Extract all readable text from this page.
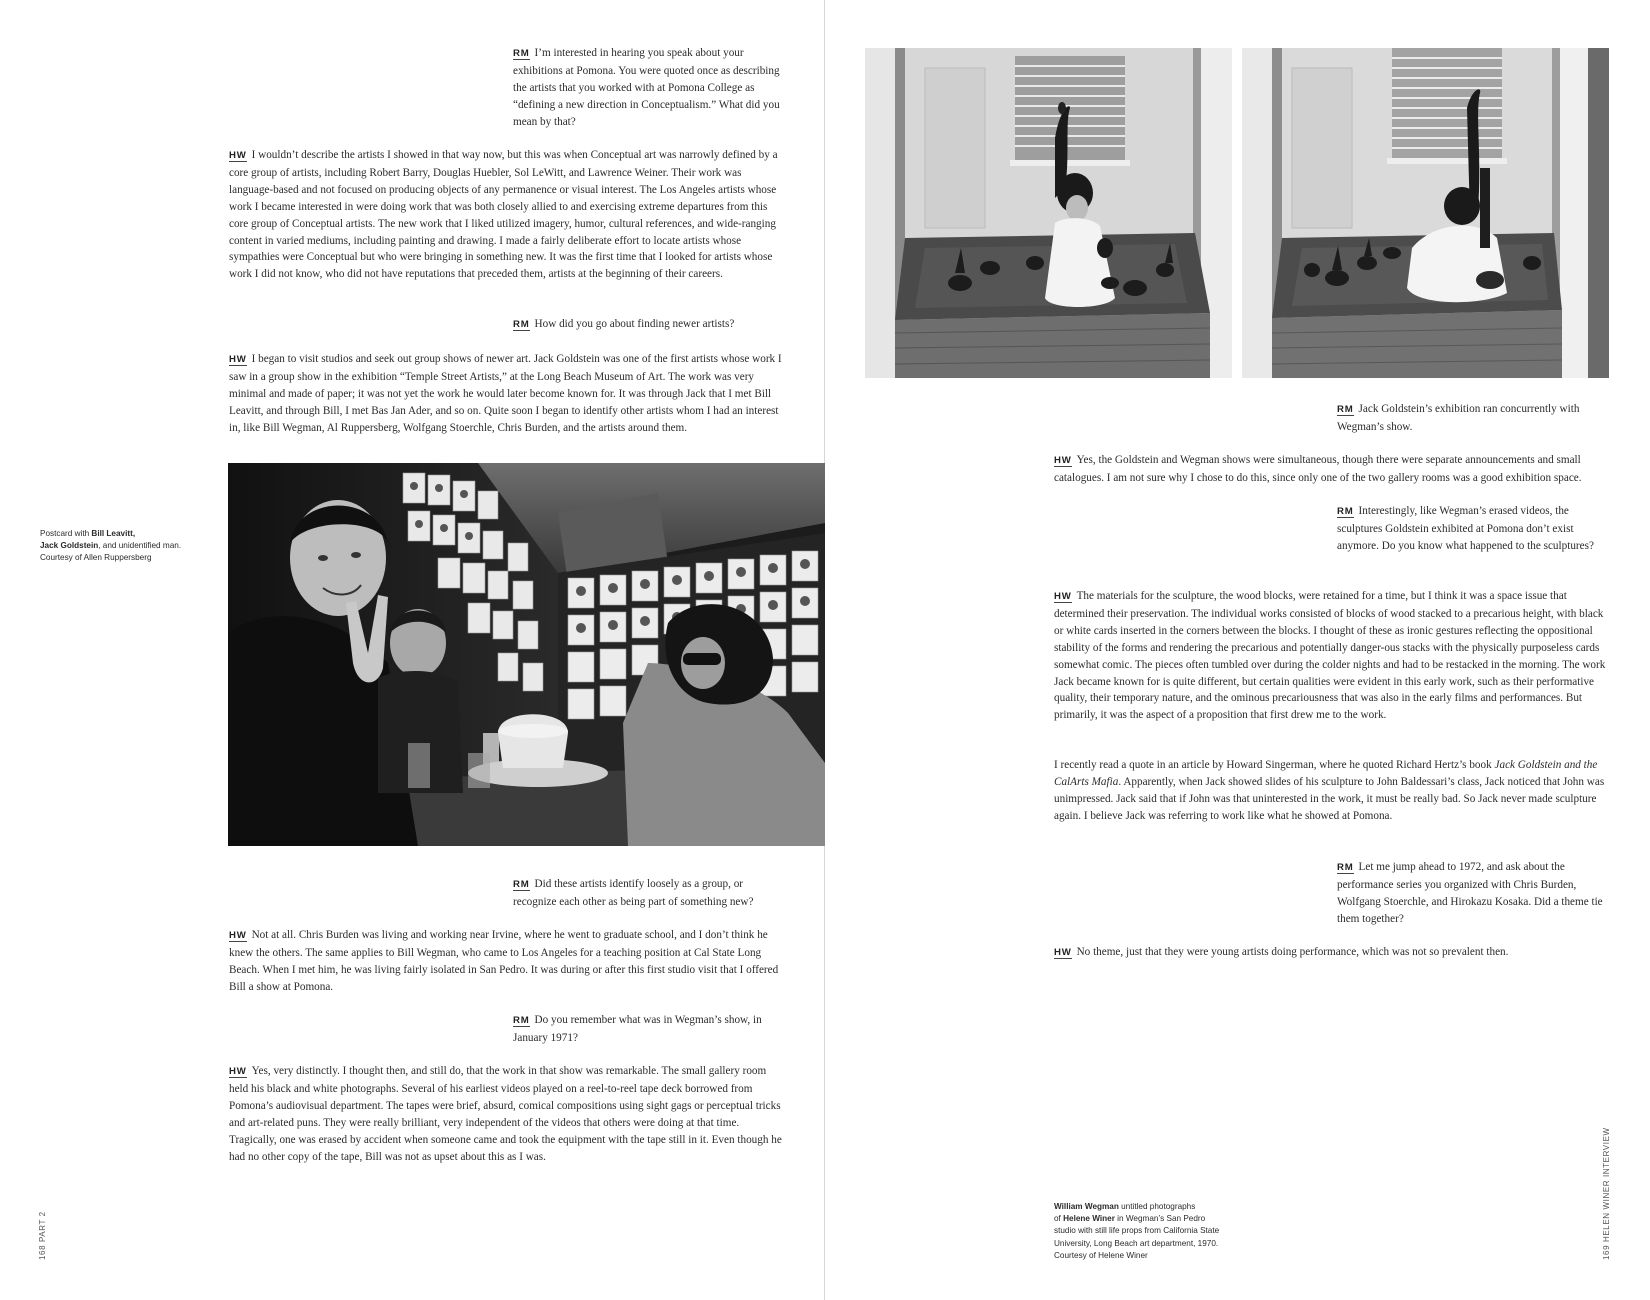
RM I’m interested in hearing you speak about your exhibitions at Pomona. You were quoted once as describing the artists that you worked with at Pomona College as “defining a new direction in Conceptualism.” What did you mean by that?

HW I wouldn’t describe the artists I showed in that way now, but this was when Conceptual art was narrowly defined by a core group of artists, including Robert Barry, Douglas Huebler, Sol LeWitt, and Lawrence Weiner. Their work was language-based and not focused on producing objects of any permanence or visual interest. The Los Angeles artists whose work I became interested in were doing work that was both closely allied to and exercising extreme departures from this core group of Conceptual artists. The new work that I liked utilized imagery, humor, cultural references, and wide-ranging content in varied mediums, including painting and drawing. I made a fairly deliberate effort to locate artists whose sympathies were Conceptual but who were bringing in something new. It was the first time that I looked for artists whose work I did not know, who did not have reputations that preceded them, artists at the beginning of their careers.

RM How did you go about finding newer artists?

HW I began to visit studios and seek out group shows of newer art. Jack Goldstein was one of the first artists whose work I saw in a group show in the exhibition “Temple Street Artists,” at the Long Beach Museum of Art. The work was very minimal and made of paper; it was not yet the work he would later become known for. It was through Jack that I met Bill Leavitt, and through Bill, I met Bas Jan Ader, and so on. Quite soon I began to identify other artists whom I had an interest in, like Bill Wegman, Al Ruppersberg, Wolfgang Stoerchle, Chris Burden, and the artists around them.

Postcard with Bill Leavitt,
Jack Goldstein, and unidentified man.
Courtesy of Allen Ruppersberg

RM Did these artists identify loosely as a group, or recognize each other as being part of something new?

HW Not at all. Chris Burden was living and working near Irvine, where he went to graduate school, and I don’t think he knew the others. The same applies to Bill Wegman, who came to Los Angeles for a teaching position at Cal State Long Beach. When I met him, he was living fairly isolated in San Pedro. It was during or after this first studio visit that I offered Bill a show at Pomona.

RM Do you remember what was in Wegman’s show, in January 1971?

HW Yes, very distinctly. I thought then, and still do, that the work in that show was remarkable. The small gallery room held his black and white photographs. Several of his earliest videos played on a reel-to-reel tape deck borrowed from Pomona’s audiovisual department. The tapes were brief, absurd, comical compositions using sight gags or perceptual tricks and art-related puns. They were really brilliant, very independent of the videos that others were doing at that time. Tragically, one was erased by accident when someone came and took the equipment with the tape still in it. Even though he had no other copy of the tape, Bill was not as upset about this as I was.

168 PART 2

RM Jack Goldstein’s exhibition ran concurrently with Wegman’s show.

HW Yes, the Goldstein and Wegman shows were simultaneous, though there were separate announcements and small catalogues. I am not sure why I chose to do this, since only one of the two gallery rooms was a good exhibition space.

RM Interestingly, like Wegman’s erased videos, the sculptures Goldstein exhibited at Pomona don’t exist anymore. Do you know what happened to the sculptures?

HW The materials for the sculpture, the wood blocks, were retained for a time, but I think it was a space issue that determined their preservation. The individual works consisted of blocks of wood stacked to a precarious height, with black or white cards inserted in the corners between the blocks. I thought of these as ironic gestures reflecting the oppositional stability of the forms and rendering the precarious and potentially danger-ous stacks with the physically purposeless cards somewhat comic. The pieces often tumbled over during the colder nights and had to be restacked in the morning. The work Jack became known for is quite different, but certain qualities were evident in this early work, such as their performative quality, their temporary nature, and the ominous precariousness that was also in the early films and performances. But primarily, it was the aspect of a proposition that first drew me to the work.

I recently read a quote in an article by Howard Singerman, where he quoted Richard Hertz’s book Jack Goldstein and the CalArts Mafia. Apparently, when Jack showed slides of his sculpture to John Baldessari’s class, Jack noticed that John was unimpressed. Jack said that if John was that uninterested in the work, it must be really bad. So Jack never made sculpture again. I believe Jack was referring to work like what he showed at Pomona.

RM Let me jump ahead to 1972, and ask about the performance series you organized with Chris Burden, Wolfgang Stoerchle, and Hirokazu Kosaka. Did a theme tie them together?

HW No theme, just that they were young artists doing performance, which was not so prevalent then.

William Wegman untitled photographs
of Helene Winer in Wegman’s San Pedro
studio with still life props from California State
University, Long Beach art department, 1970.
Courtesy of Helene Winer	169 HELEN WINER INTERVIEW
